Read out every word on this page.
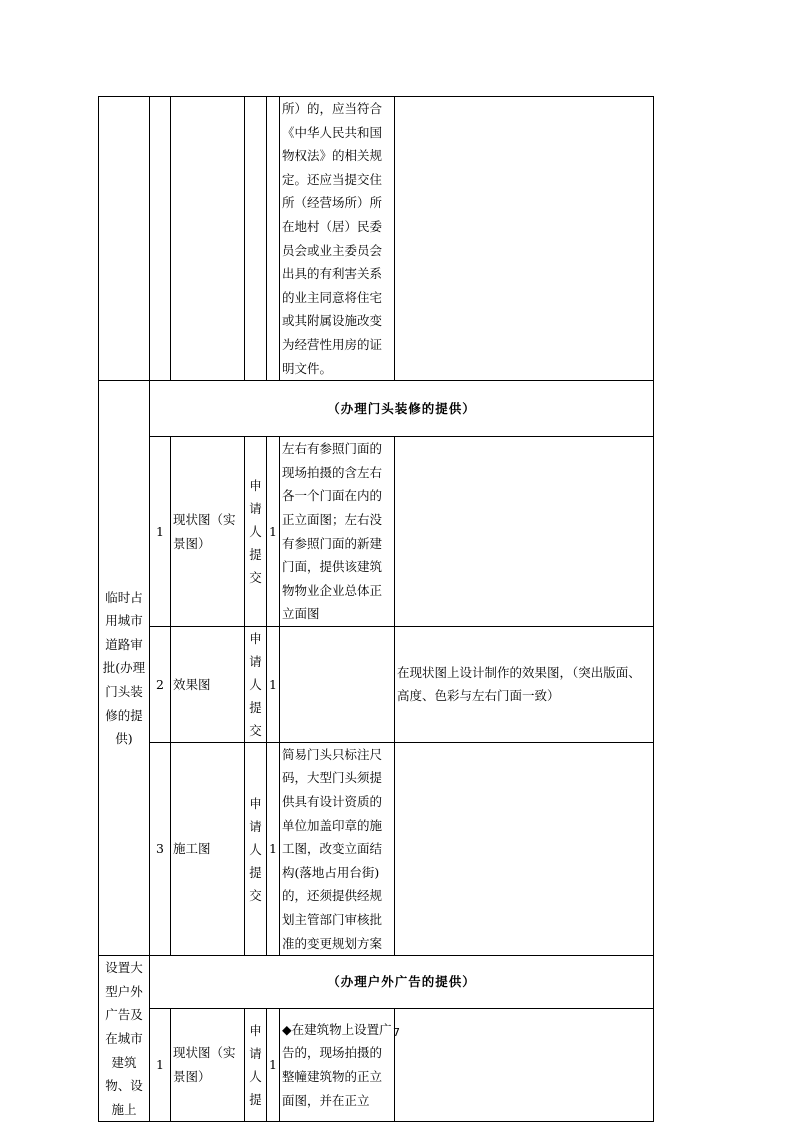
					所）的，应当符合《中华人民共和国物权法》的相关规定。还应当提交住所（经营场所）所在地村（居）民委员会或业主委员会出具的有利害关系的业主同意将住宅或其附属设施改变为经营性用房的证明文件。	
临时占用城市道路审批(办理门头装修的提供)	（办理门头装修的提供）					
	1	现状图（实景图）	申请人提交	1	左右有参照门面的现场拍摄的含左右各一个门面在内的正立面图；左右没有参照门面的新建门面，提供该建筑物物业企业总体正立面图	
	2	效果图	申请人提交	1		在现状图上设计制作的效果图，（突出版面、高度、色彩与左右门面一致）
	3	施工图	申请人提交	1	简易门头只标注尺码，大型门头须提供具有设计资质的单位加盖印章的施工图，改变立面结构(落地占用台街)的，还须提供经规划主管部门审核批准的变更规划方案	
设置大型户外广告及在城市建筑物、设施上	（办理户外广告的提供）					
	1	现状图（实景图）	申请人提	1	◆在建筑物上设置广告的，现场拍摄的整幢建筑物的正立面图，并在正立	
7
